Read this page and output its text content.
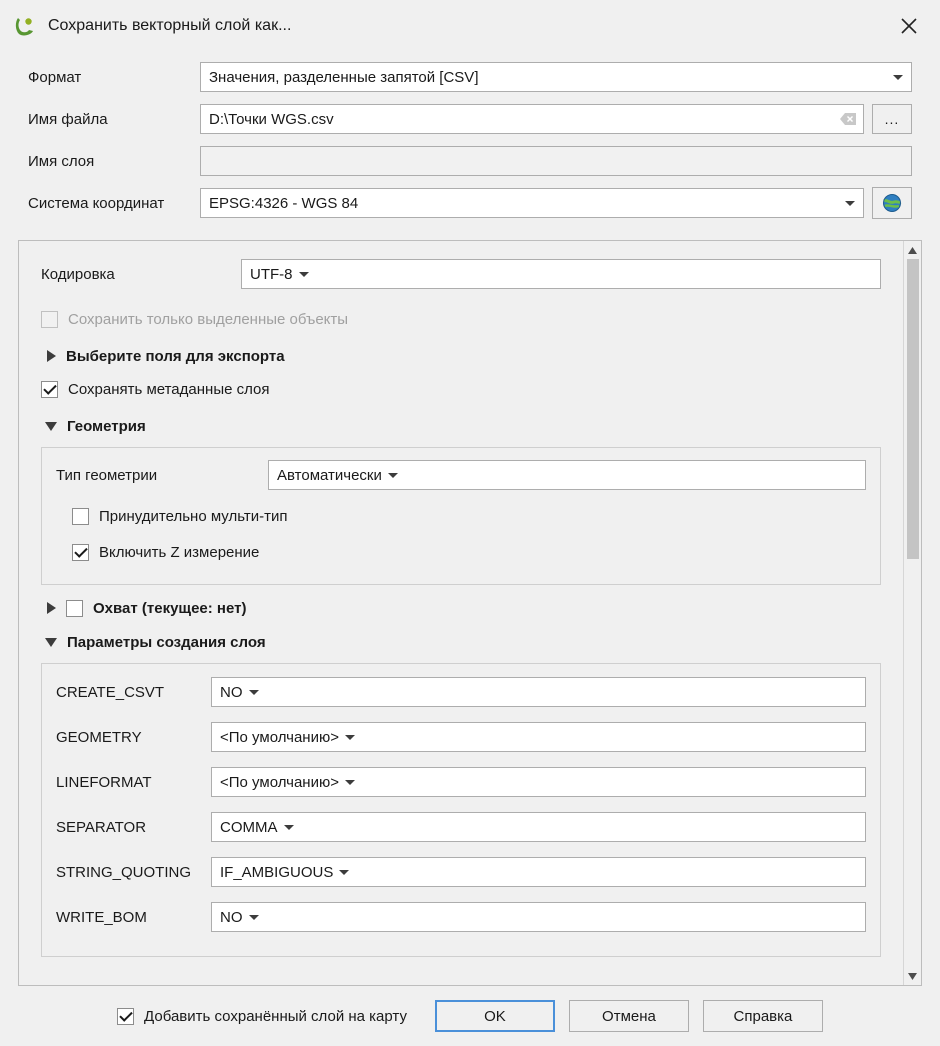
Сохранить векторный слой как...
Формат	Значения, разделенные запятой [CSV]
Имя файла	D:\Точки WGS.csv	...
Имя слоя
Система координат	EPSG:4326 - WGS 84
Кодировка	UTF-8
Сохранить только выделенные объекты
Выберите поля для экспорта
Сохранять метаданные слоя
Геометрия
Тип геометрии	Автоматически
Принудительно мульти-тип
Включить Z измерение
Охват (текущее: нет)
Параметры создания слоя
CREATE_CSVT	NO
GEOMETRY	<По умолчанию>
LINEFORMAT	<По умолчанию>
SEPARATOR	COMMA
STRING_QUOTING	IF_AMBIGUOUS
WRITE_BOM	NO
Добавить сохранённый слой на карту	OK	Отмена	Справка
